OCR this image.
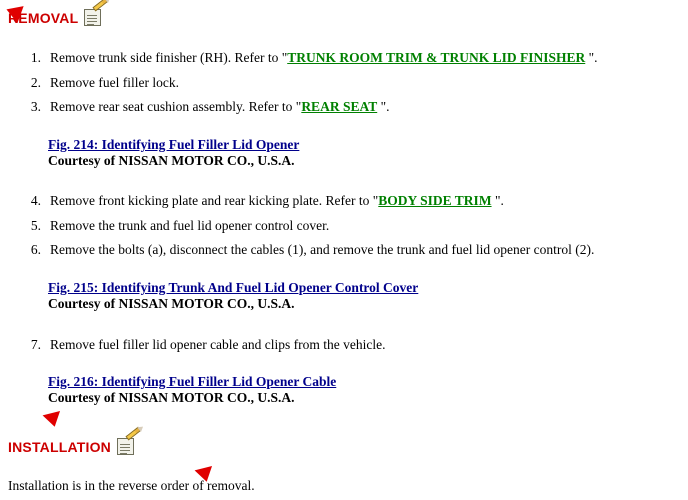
REMOVAL
1. Remove trunk side finisher (RH). Refer to "TRUNK ROOM TRIM & TRUNK LID FINISHER ".
2. Remove fuel filler lock.
3. Remove rear seat cushion assembly. Refer to "REAR SEAT ".
Fig. 214: Identifying Fuel Filler Lid Opener
Courtesy of NISSAN MOTOR CO., U.S.A.
4. Remove front kicking plate and rear kicking plate. Refer to "BODY SIDE TRIM ".
5. Remove the trunk and fuel lid opener control cover.
6. Remove the bolts (a), disconnect the cables (1), and remove the trunk and fuel lid opener control (2).
Fig. 215: Identifying Trunk And Fuel Lid Opener Control Cover
Courtesy of NISSAN MOTOR CO., U.S.A.
7. Remove fuel filler lid opener cable and clips from the vehicle.
Fig. 216: Identifying Fuel Filler Lid Opener Cable
Courtesy of NISSAN MOTOR CO., U.S.A.
INSTALLATION
Installation is in the reverse order of removal.
